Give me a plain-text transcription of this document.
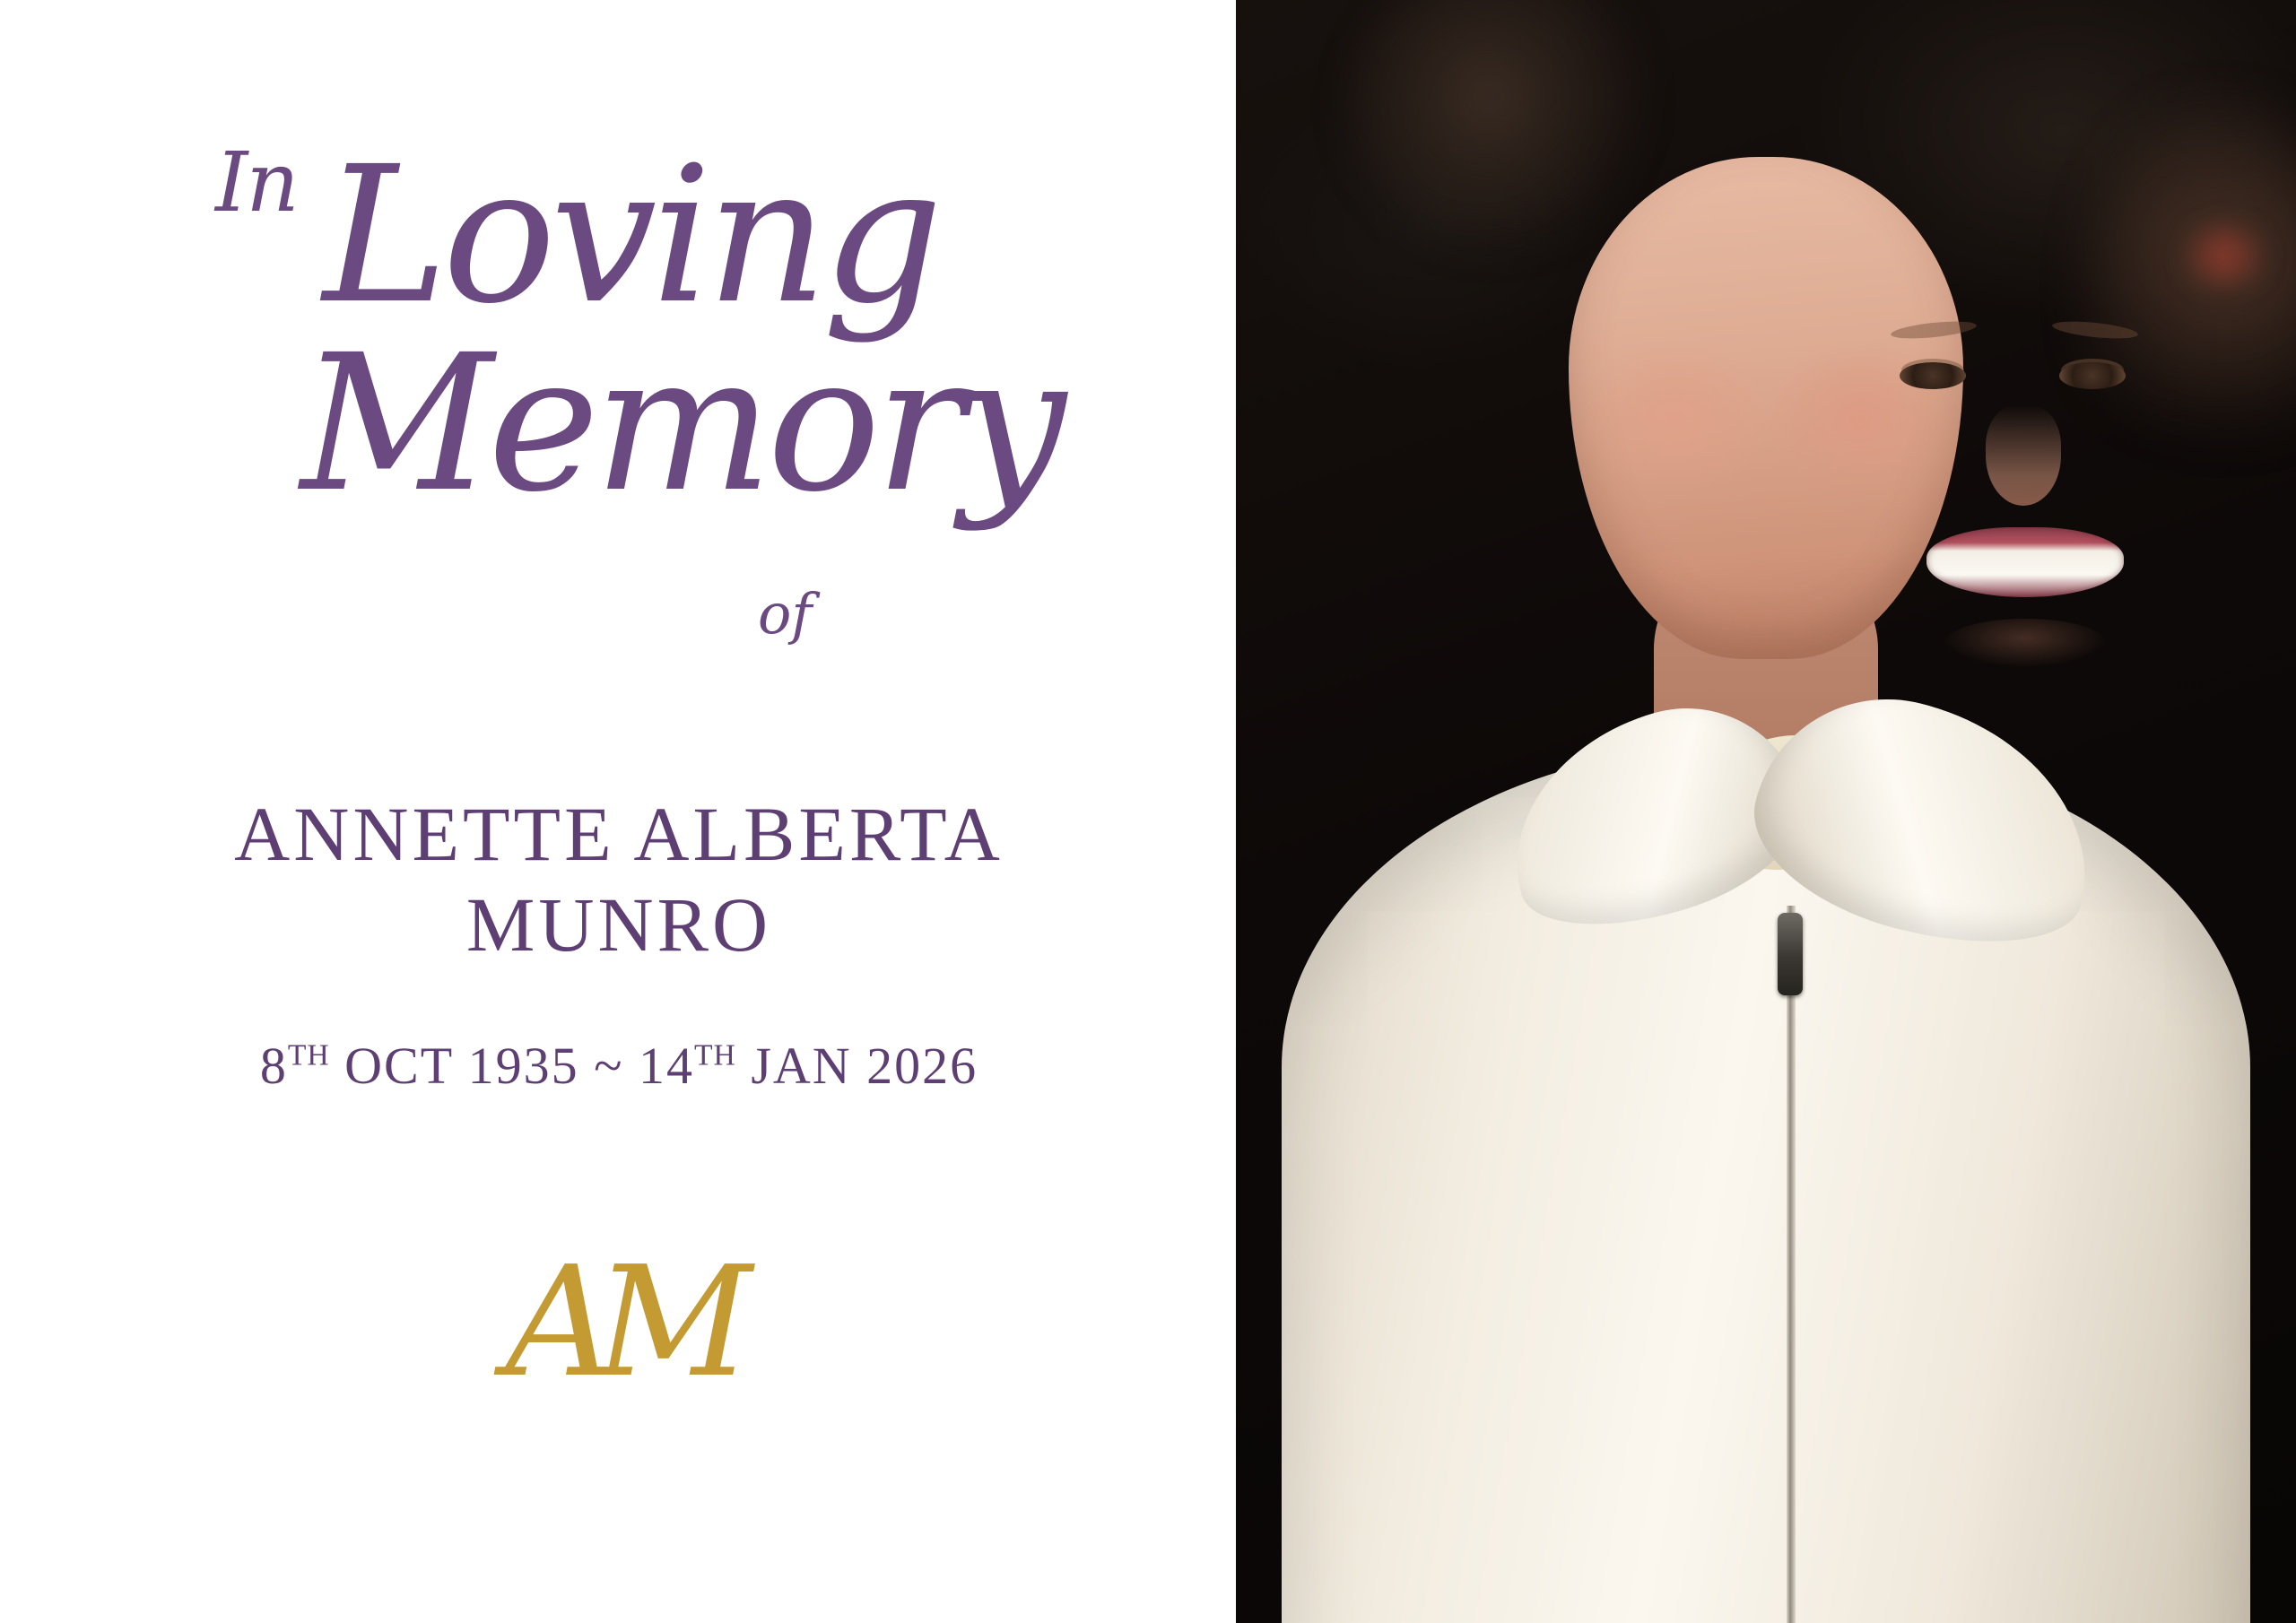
In Loving
Memory
of
ANNETTE ALBERTA
MUNRO
8TH OCT 1935 ~ 14TH JAN 2026
AM
